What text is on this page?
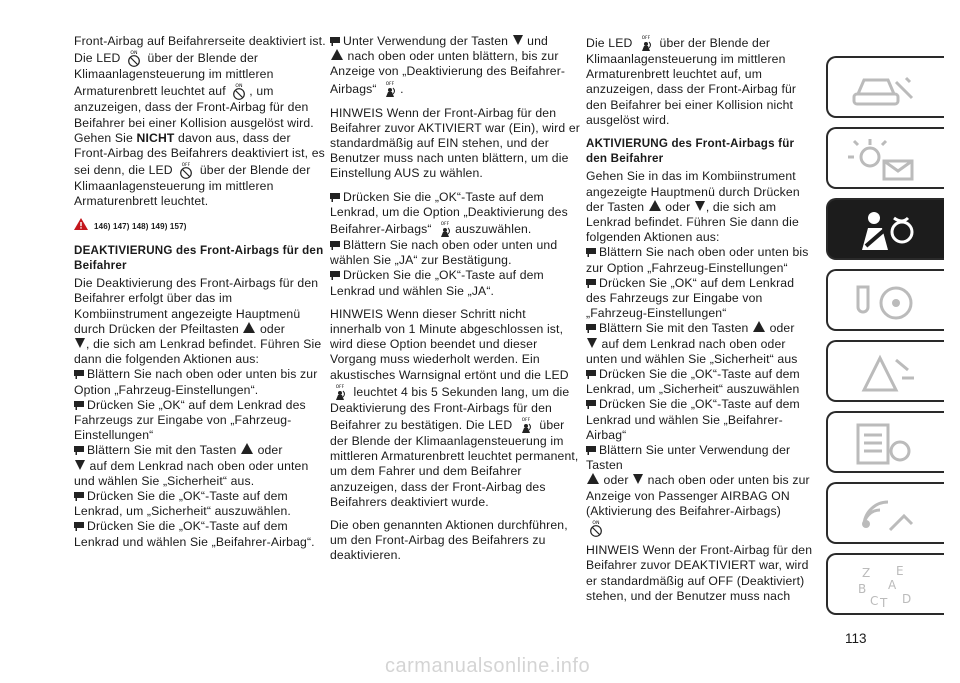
Front-Airbag auf Beifahrerseite deaktiviert ist. Die LED ON über der Blende der Klimaanlagensteuerung im mittleren Armaturenbrett leuchtet auf ON , um anzuzeigen, dass der Front-Airbag für den Beifahrer bei einer Kollision ausgelöst wird. Gehen Sie NICHT davon aus, dass der Front-Airbag des Beifahrers deaktiviert ist, es sei denn, die LED OFF über der Blende der Klimaanlagensteuerung im mittleren Armaturenbrett leuchtet.

146) 147) 148) 149) 157)
DEAKTIVIERUNG des Front-Airbags für den Beifahrer

Die Deaktivierung des Front-Airbags für den Beifahrer erfolgt über das im Kombiinstrument angezeigte Hauptmenü durch Drücken der Pfeiltasten oder
, die sich am Lenkrad befindet. Führen Sie dann die folgenden Aktionen aus:

Blättern Sie nach oben oder unten bis zur Option „Fahrzeug-Einstellungen“.

Drücken Sie „OK“ auf dem Lenkrad des Fahrzeugs zur Eingabe von „Fahrzeug-Einstellungen“

Blättern Sie mit den Tasten oder
auf dem Lenkrad nach oben oder unten und wählen Sie „Sicherheit“ aus.

Drücken Sie die „OK“-Taste auf dem Lenkrad, um „Sicherheit“ auszuwählen.

Drücken Sie die „OK“-Taste auf dem Lenkrad und wählen Sie „Beifahrer-Airbag“.

Unter Verwendung der Tasten und
nach oben oder unten blättern, bis zur Anzeige von „Deaktivierung des Beifahrer-Airbags“ OFF .

HINWEIS Wenn der Front-Airbag für den Beifahrer zuvor AKTIVIERT war (Ein), wird er standardmäßig auf EIN stehen, und der Benutzer muss nach unten blättern, um die Einstellung AUS zu wählen.

Drücken Sie die „OK“-Taste auf dem Lenkrad, um die Option „Deaktivierung des Beifahrer-Airbags“ OFF auszuwählen.

Blättern Sie nach oben oder unten und wählen Sie „JA“ zur Bestätigung.

Drücken Sie die „OK“-Taste auf dem Lenkrad und wählen Sie „JA“.

HINWEIS Wenn dieser Schritt nicht innerhalb von 1 Minute abgeschlossen ist, wird diese Option beendet und dieser Vorgang muss wiederholt werden. Ein akustisches Warnsignal ertönt und die LED
OFF leuchtet 4 bis 5 Sekunden lang, um die Deaktivierung des Front-Airbags für den Beifahrer zu bestätigen. Die LED OFF über der Blende der Klimaanlagensteuerung im mittleren Armaturenbrett leuchtet permanent, um dem Fahrer und dem Beifahrer anzuzeigen, dass der Front-Airbag des Beifahrers deaktiviert wurde.

Die oben genannten Aktionen durchführen, um den Front-Airbag des Beifahrers zu deaktivieren.

Die LED OFF über der Blende der Klimaanlagensteuerung im mittleren Armaturenbrett leuchtet auf, um anzuzeigen, dass der Front-Airbag für den Beifahrer bei einer Kollision nicht ausgelöst wird.

AKTIVIERUNG des Front-Airbags für den Beifahrer

Gehen Sie in das im Kombiinstrument angezeigte Hauptmenü durch Drücken der Tasten oder , die sich am Lenkrad befindet. Führen Sie dann die folgenden Aktionen aus:

Blättern Sie nach oben oder unten bis zur Option „Fahrzeug-Einstellungen“

Drücken Sie „OK“ auf dem Lenkrad des Fahrzeugs zur Eingabe von „Fahrzeug-Einstellungen“

Blättern Sie mit den Tasten oder
auf dem Lenkrad nach oben oder unten und wählen Sie „Sicherheit“ aus

Drücken Sie die „OK“-Taste auf dem Lenkrad, um „Sicherheit“ auszuwählen

Drücken Sie die „OK“-Taste auf dem Lenkrad und wählen Sie „Beifahrer-Airbag“

Blättern Sie unter Verwendung der Tasten
oder nach oben oder unten bis zur Anzeige von Passenger AIRBAG ON (Aktivierung des Beifahrer-Airbags)

ON

HINWEIS Wenn der Front-Airbag für den Beifahrer zuvor DEAKTIVIERT war, wird er standardmäßig auf OFF (Deaktiviert) stehen, und der Benutzer muss nach

Z E
B A
C T D
113
carmanualsonline.info
